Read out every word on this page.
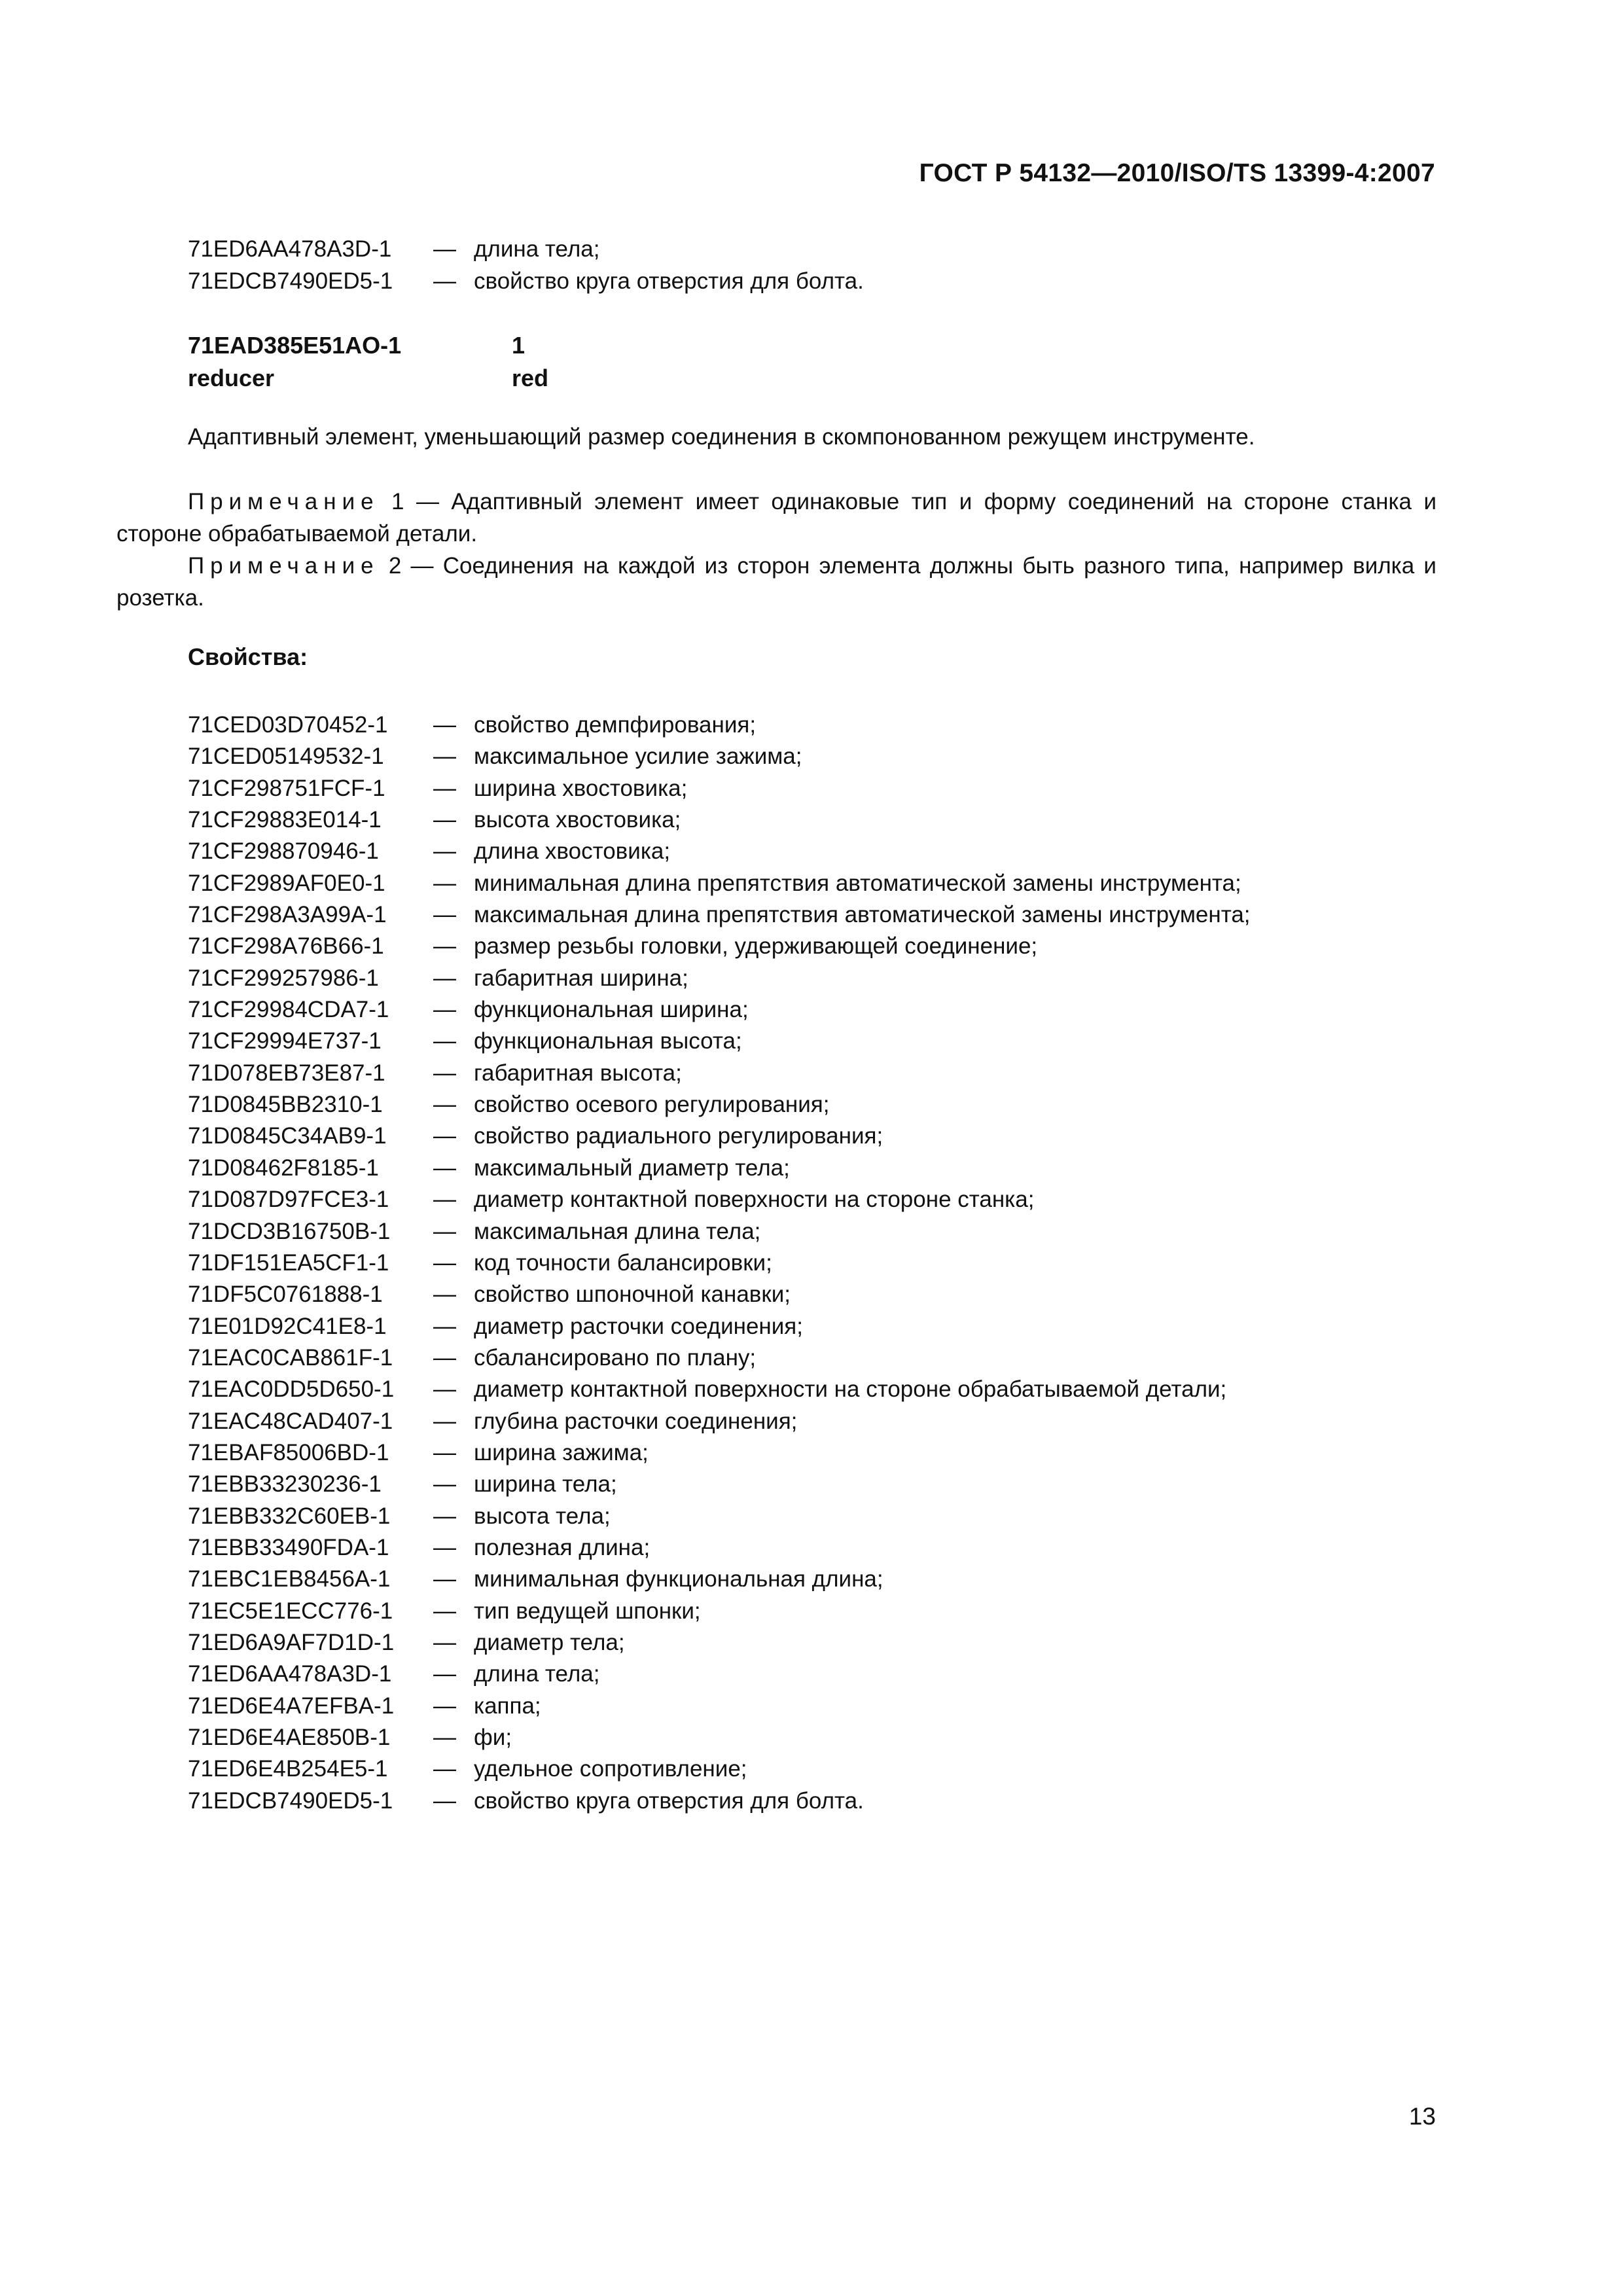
ГОСТ Р 54132—2010/ISO/TS 13399-4:2007
71ED6AA478A3D-1	— длина тела;
71EDCB7490ED5-1	— свойство круга отверстия для болта.
71EAD385E51AO-1	1
reducer	red
Адаптивный элемент, уменьшающий размер соединения в скомпонованном режущем инструменте.

Примечание 1 — Адаптивный элемент имеет одинаковые тип и форму соединений на стороне станка и стороне обрабатываемой детали.

Примечание 2 — Соединения на каждой из сторон элемента должны быть разного типа, например вилка и розетка.

Свойства:
71CED03D70452-1	— свойство демпфирования;
71CED05149532-1	— максимальное усилие зажима;
71CF298751FCF-1	— ширина хвостовика;
71CF29883E014-1	— высота хвостовика;
71CF298870946-1	— длина хвостовика;
71CF2989AF0E0-1	— минимальная длина препятствия автоматической замены инструмента;
71CF298A3A99A-1	— максимальная длина препятствия автоматической замены инструмента;
71CF298A76B66-1	— размер резьбы головки, удерживающей соединение;
71CF299257986-1	— габаритная ширина;
71CF29984CDA7-1	— функциональная ширина;
71CF29994E737-1	— функциональная высота;
71D078EB73E87-1	— габаритная высота;
71D0845BB2310-1	— свойство осевого регулирования;
71D0845C34AB9-1	— свойство радиального регулирования;
71D08462F8185-1	— максимальный диаметр тела;
71D087D97FCE3-1	— диаметр контактной поверхности на стороне станка;
71DCD3B16750B-1	— максимальная длина тела;
71DF151EA5CF1-1	— код точности балансировки;
71DF5C0761888-1	— свойство шпоночной канавки;
71E01D92C41E8-1	— диаметр расточки соединения;
71EAC0CAB861F-1	— сбалансировано по плану;
71EAC0DD5D650-1	— диаметр контактной поверхности на стороне обрабатываемой детали;
71EAC48CAD407-1	— глубина расточки соединения;
71EBAF85006BD-1	— ширина зажима;
71EBB33230236-1	— ширина тела;
71EBB332C60EB-1	— высота тела;
71EBB33490FDA-1	— полезная длина;
71EBC1EB8456A-1	— минимальная функциональная длина;
71EC5E1ECC776-1	— тип ведущей шпонки;
71ED6A9AF7D1D-1	— диаметр тела;
71ED6AA478A3D-1	— длина тела;
71ED6E4A7EFBA-1	— каппа;
71ED6E4AE850B-1	— фи;
71ED6E4B254E5-1	— удельное сопротивление;
71EDCB7490ED5-1	— свойство круга отверстия для болта.
13
